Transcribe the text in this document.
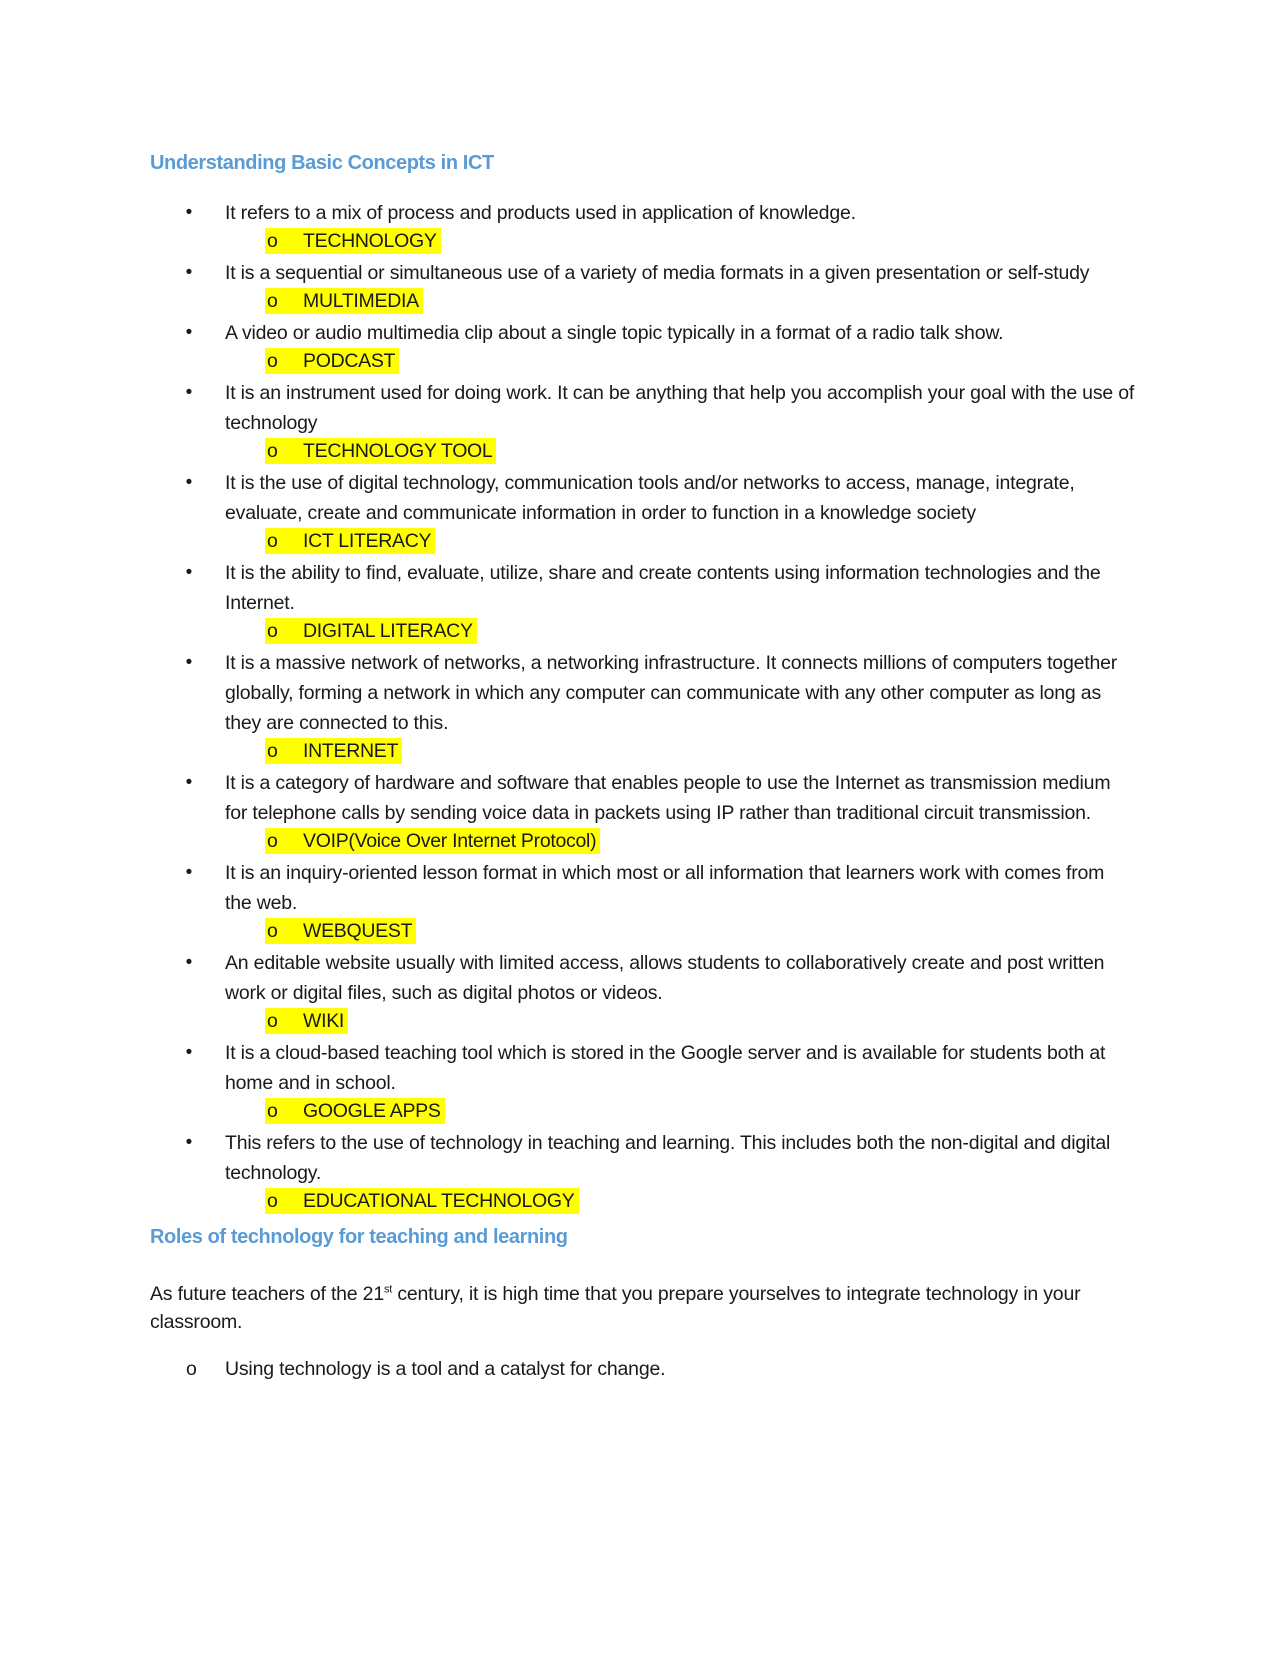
Understanding Basic Concepts in ICT
•	It refers to a mix of process and products used in application of knowledge.
o TECHNOLOGY
•	It is a sequential or simultaneous use of a variety of media formats in a given presentation or self-study
o MULTIMEDIA
•	A video or audio multimedia clip about a single topic typically in a format of a radio talk show.
o PODCAST
•	It is an instrument used for doing work. It can be anything that help you accomplish your goal with the use of technology
o TECHNOLOGY TOOL
•	It is the use of digital technology, communication tools and/or networks to access, manage, integrate, evaluate, create and communicate information in order to function in a knowledge society
o ICT LITERACY
•	It is the ability to find, evaluate, utilize, share and create contents using information technologies and the Internet.
o DIGITAL LITERACY
•	It is a massive network of networks, a networking infrastructure. It connects millions of computers together globally, forming a network in which any computer can communicate with any other computer as long as they are connected to this.
o INTERNET
•	It is a category of hardware and software that enables people to use the Internet as transmission medium for telephone calls by sending voice data in packets using IP rather than traditional circuit transmission.
o VOIP(Voice Over Internet Protocol)
•	It is an inquiry-oriented lesson format in which most or all information that learners work with comes from the web.
o WEBQUEST
•	An editable website usually with limited access, allows students to collaboratively create and post written work or digital files, such as digital photos or videos.
o WIKI
•	It is a cloud-based teaching tool which is stored in the Google server and is available for students both at home and in school.
o GOOGLE APPS
•	This refers to the use of technology in teaching and learning. This includes both the non-digital and digital technology.
o EDUCATIONAL TECHNOLOGY
Roles of technology for teaching and learning

As future teachers of the 21st century, it is high time that you prepare yourselves to integrate technology in your classroom.

o Using technology is a tool and a catalyst for change.
